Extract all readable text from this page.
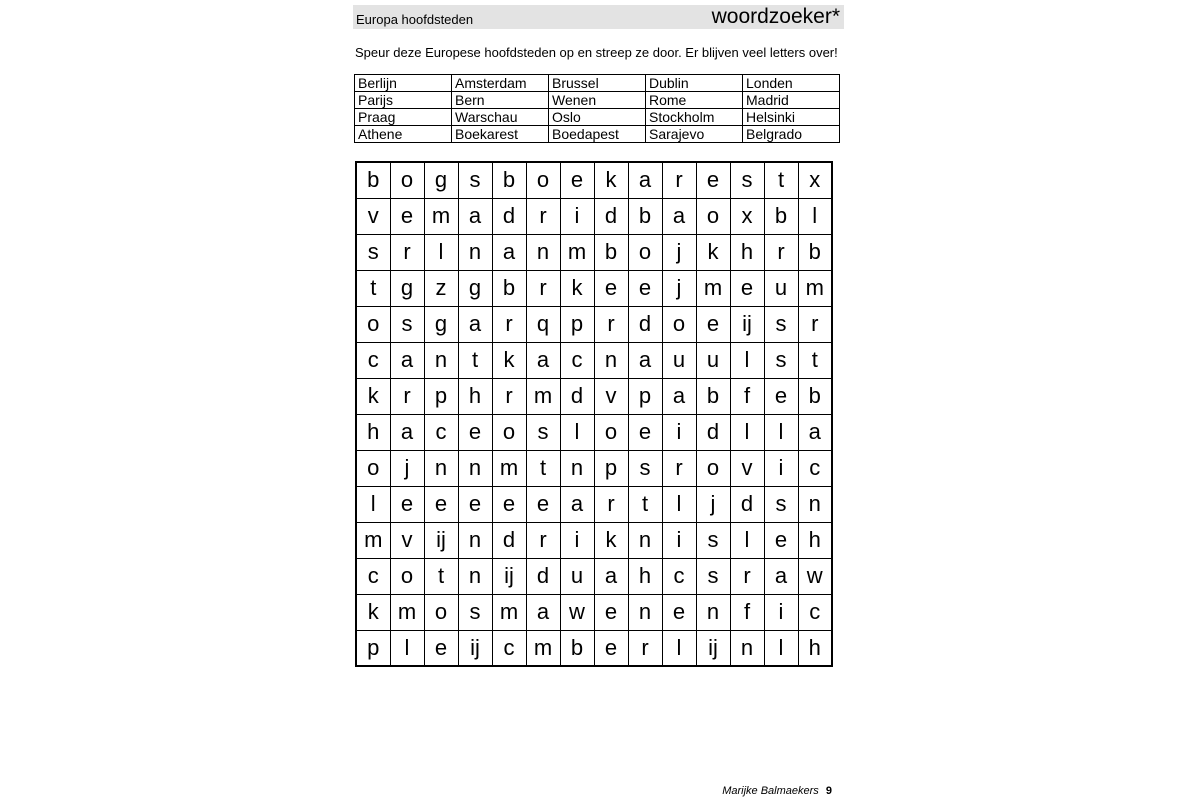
Europa hoofdsteden	woordzoeker*
Speur deze Europese hoofdsteden op en streep ze door. Er blijven veel letters over!
Berlijn	Amsterdam	Brussel	Dublin	Londen
Parijs	Bern	Wenen	Rome	Madrid
Praag	Warschau	Oslo	Stockholm	Helsinki
Athene	Boekarest	Boedapest	Sarajevo	Belgrado
b	o	g	s	b	o	e	k	a	r	e	s	t	x
v	e	m	a	d	r	i	d	b	a	o	x	b	l
s	r	l	n	a	n	m	b	o	j	k	h	r	b
t	g	z	g	b	r	k	e	e	j	m	e	u	m
o	s	g	a	r	q	p	r	d	o	e	ij	s	r
c	a	n	t	k	a	c	n	a	u	u	l	s	t
k	r	p	h	r	m	d	v	p	a	b	f	e	b
h	a	c	e	o	s	l	o	e	i	d	l	l	a
o	j	n	n	m	t	n	p	s	r	o	v	i	c
l	e	e	e	e	e	a	r	t	l	j	d	s	n
m	v	ij	n	d	r	i	k	n	i	s	l	e	h
c	o	t	n	ij	d	u	a	h	c	s	r	a	w
k	m	o	s	m	a	w	e	n	e	n	f	i	c
p	l	e	ij	c	m	b	e	r	l	ij	n	l	h
Marijke Balmaekers 9
